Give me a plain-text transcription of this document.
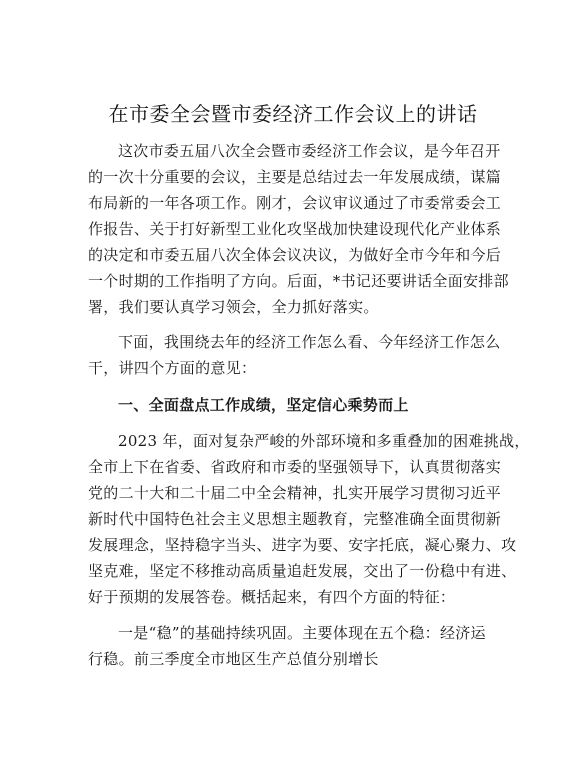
在市委全会暨市委经济工作会议上的讲话
这次市委五届八次全会暨市委经济工作会议，是今年召开
的一次十分重要的会议，主要是总结过去一年发展成绩，谋篇
布局新的一年各项工作。刚才，会议审议通过了市委常委会工
作报告、关于打好新型工业化攻坚战加快建设现代化产业体系
的决定和市委五届八次全体会议决议，为做好全市今年和今后
一个时期的工作指明了方向。后面，*书记还要讲话全面安排部
署，我们要认真学习领会，全力抓好落实。
下面，我围绕去年的经济工作怎么看、今年经济工作怎么
干，讲四个方面的意见：
一、全面盘点工作成绩，坚定信心乘势而上
2023 年，面对复杂严峻的外部环境和多重叠加的困难挑战，
全市上下在省委、省政府和市委的坚强领导下，认真贯彻落实
党的二十大和二十届二中全会精神，扎实开展学习贯彻习近平
新时代中国特色社会主义思想主题教育，完整准确全面贯彻新
发展理念，坚持稳字当头、进字为要、安字托底，凝心聚力、攻
坚克难，坚定不移推动高质量追赶发展，交出了一份稳中有进、
好于预期的发展答卷。概括起来，有四个方面的特征：
一是“稳”的基础持续巩固。主要体现在五个稳：经济运
行稳。前三季度全市地区生产总值分别增长
